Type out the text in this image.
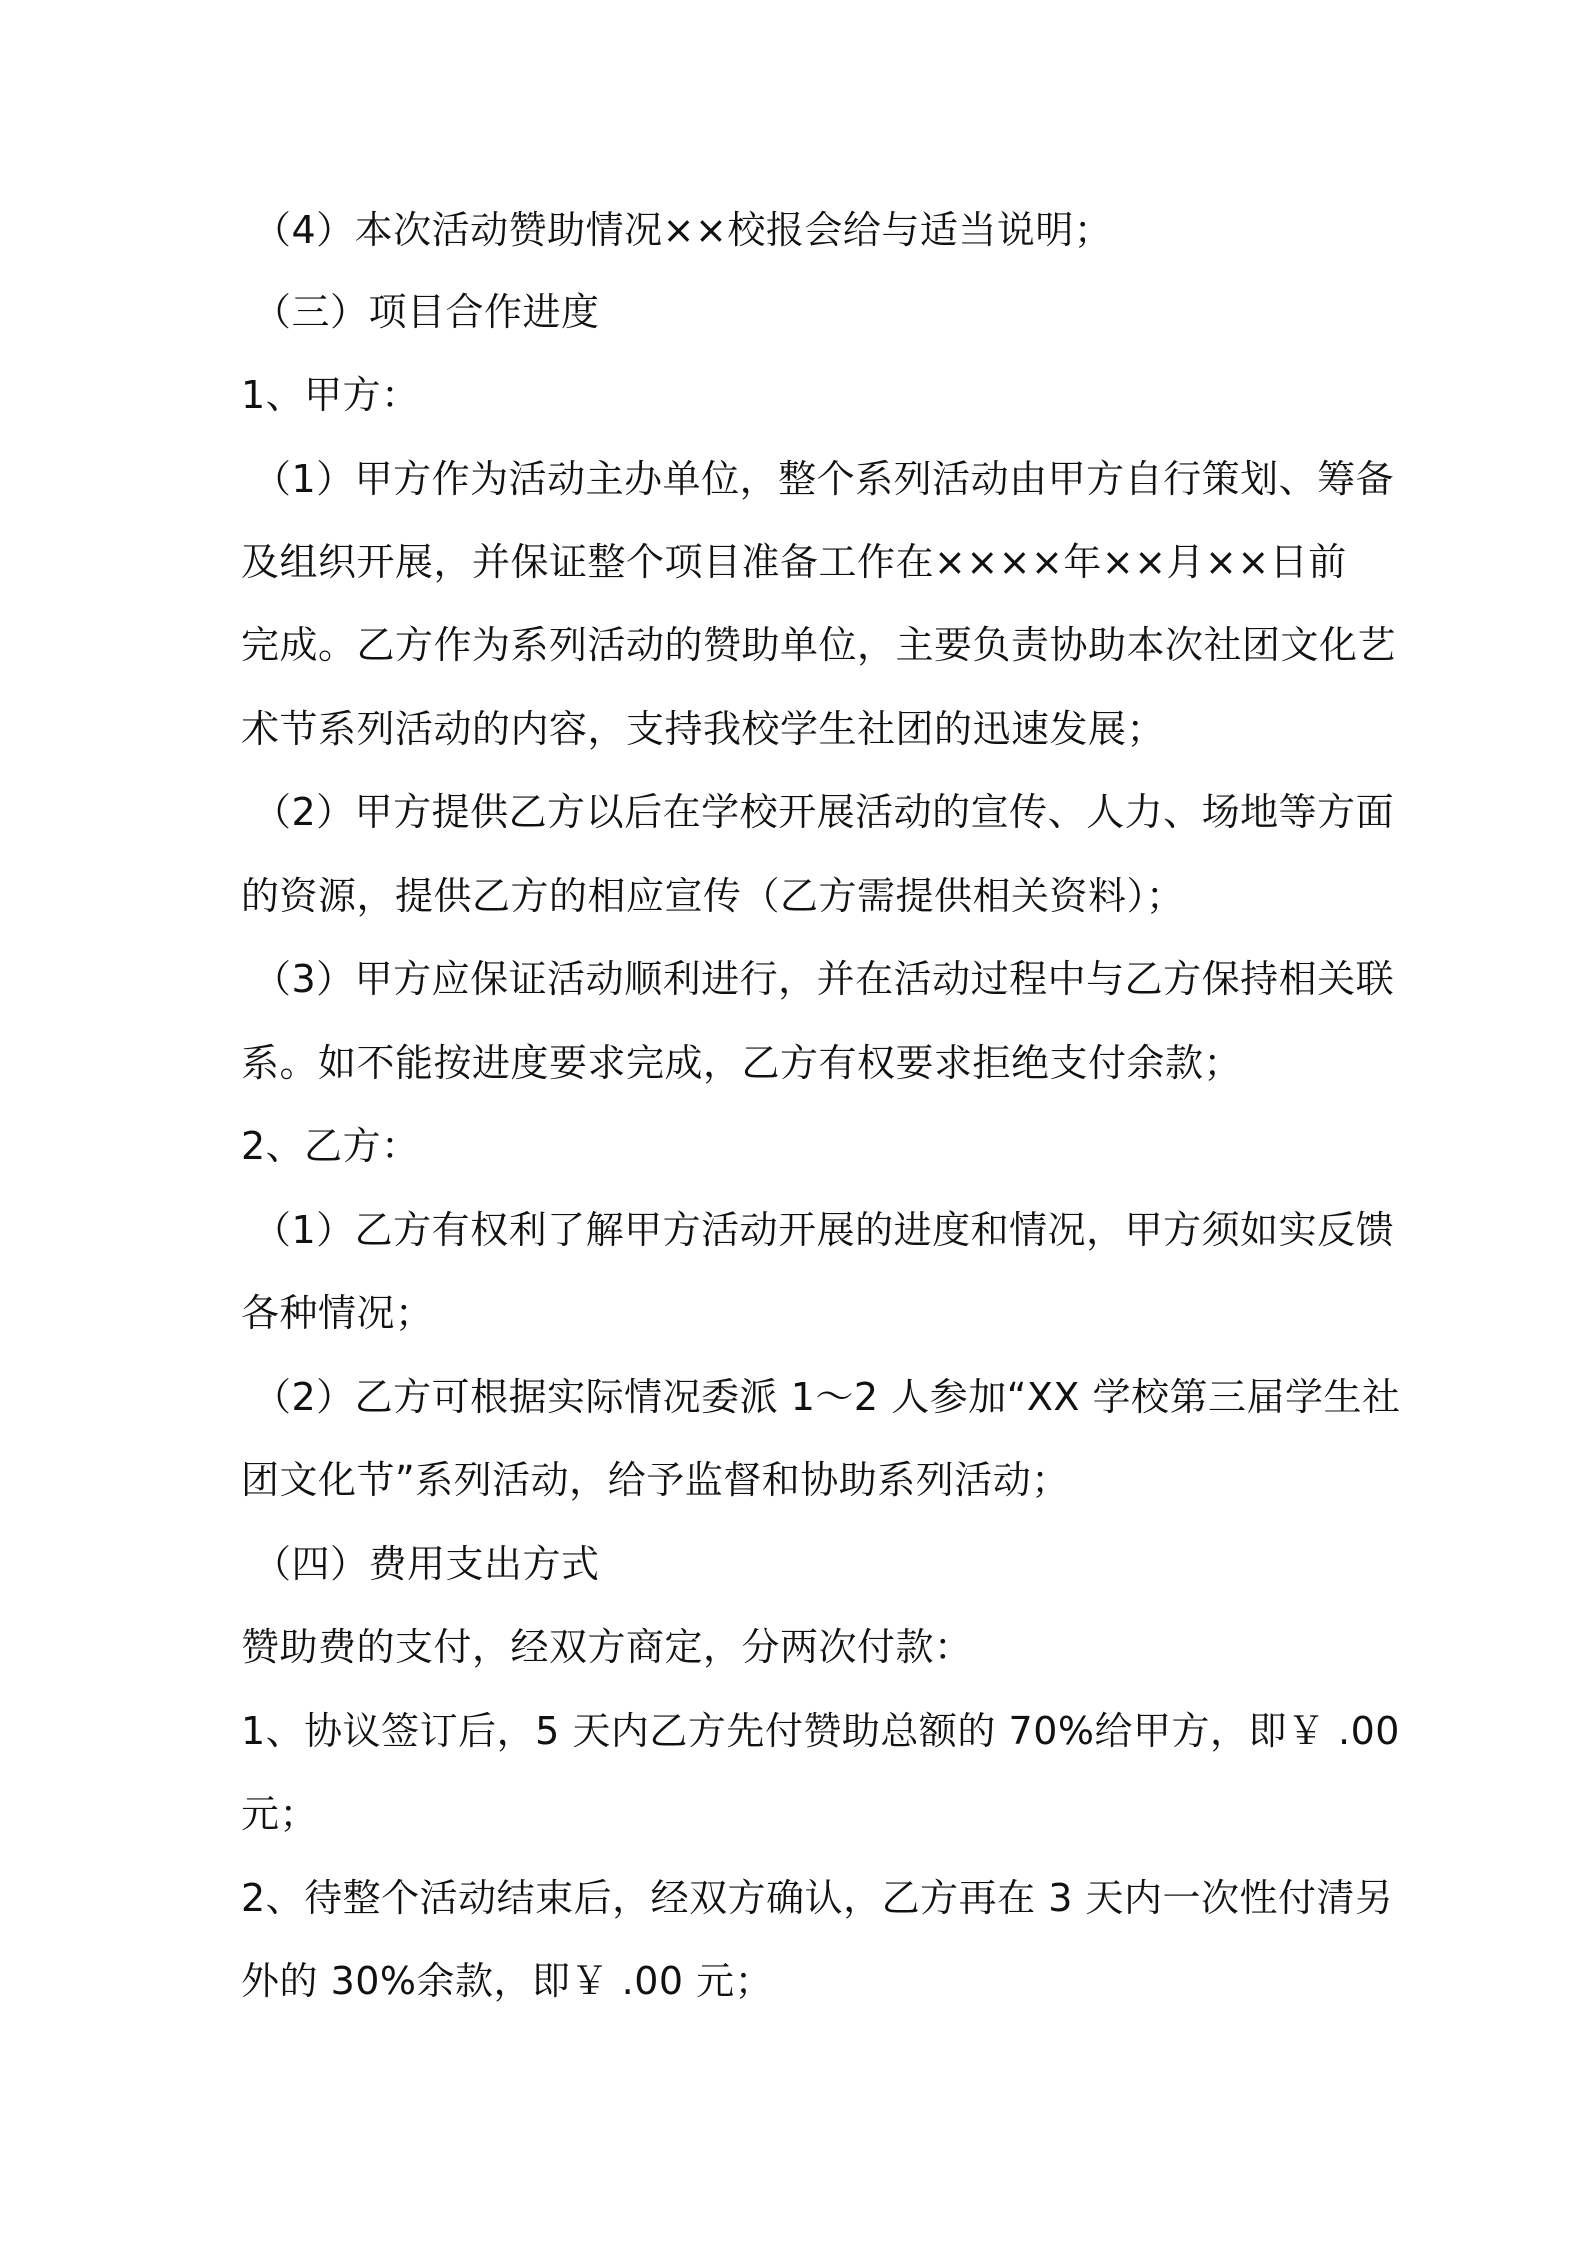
（4）本次活动赞助情况××校报会给与适当说明；
（三）项目合作进度
1、甲方：
（1）甲方作为活动主办单位，整个系列活动由甲方自行策划、筹备
及组织开展，并保证整个项目准备工作在××××年××月××日前
完成。乙方作为系列活动的赞助单位，主要负责协助本次社团文化艺
术节系列活动的内容，支持我校学生社团的迅速发展；
（2）甲方提供乙方以后在学校开展活动的宣传、人力、场地等方面
的资源，提供乙方的相应宣传（乙方需提供相关资料）；
（3）甲方应保证活动顺利进行，并在活动过程中与乙方保持相关联
系。如不能按进度要求完成，乙方有权要求拒绝支付余款；
2、乙方：
（1）乙方有权利了解甲方活动开展的进度和情况，甲方须如实反馈
各种情况；
（2）乙方可根据实际情况委派 1～2 人参加“XX 学校第三届学生社
团文化节”系列活动，给予监督和协助系列活动；
（四）费用支出方式
赞助费的支付，经双方商定，分两次付款：
1、协议签订后，5 天内乙方先付赞助总额的 70%给甲方，即￥ .00
元；
2、待整个活动结束后，经双方确认，乙方再在 3 天内一次性付清另
外的 30%余款，即￥ .00 元；
